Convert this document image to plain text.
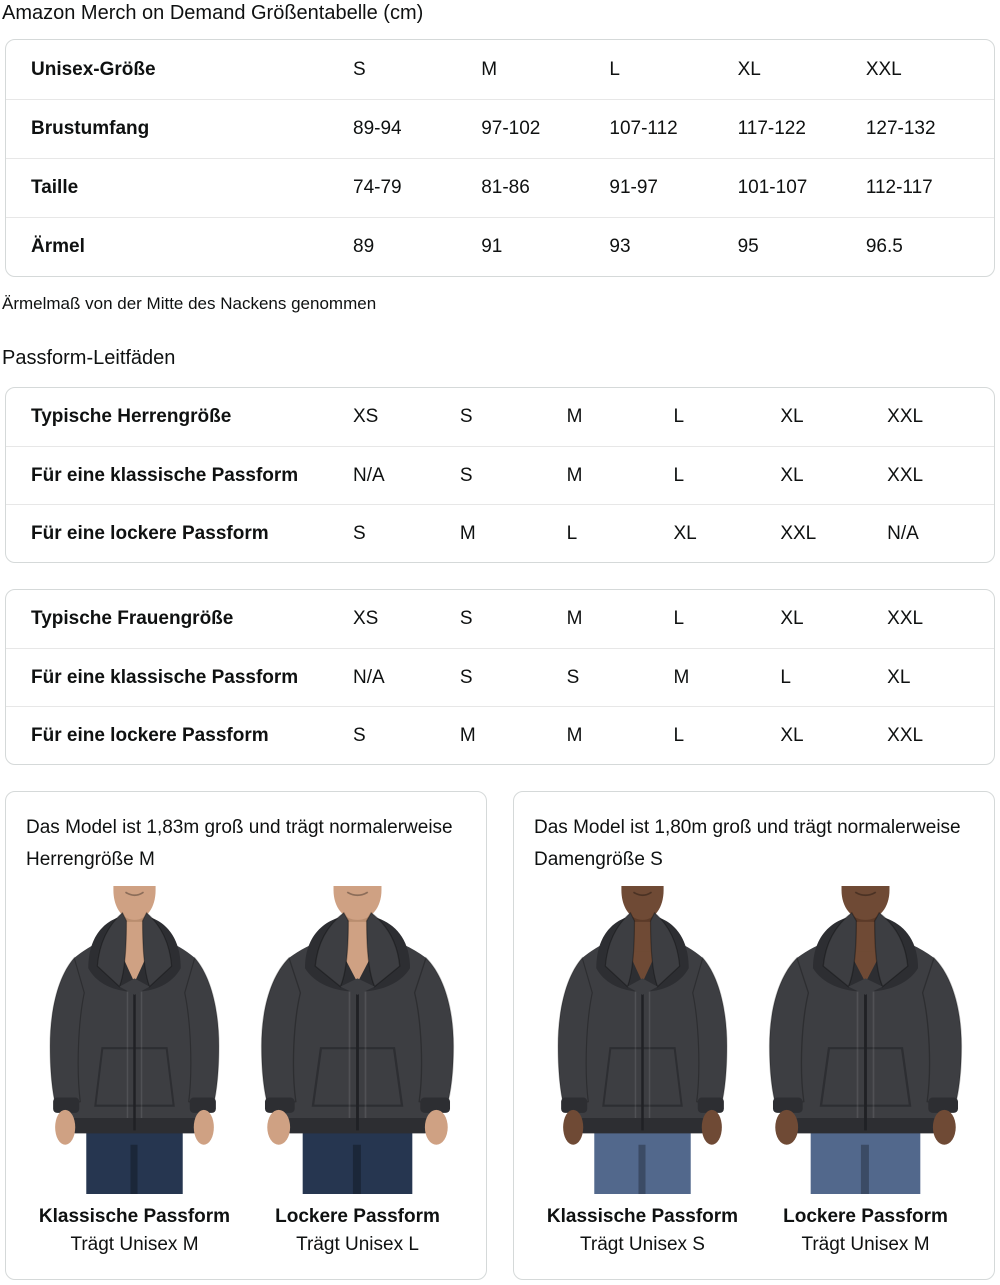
Amazon Merch on Demand Größentabelle (cm)
Unisex-Größe	S	M	L	XL	XXL
Brustumfang	89-94	97-102	107-112	117-122	127-132
Taille	74-79	81-86	91-97	101-107	112-117
Ärmel	89	91	93	95	96.5

Ärmelmaß von der Mitte des Nackens genommen

Passform-Leitfäden
Typische Herrengröße	XS	S	M	L	XL	XXL
Für eine klassische Passform	N/A	S	M	L	XL	XXL
Für eine lockere Passform	S	M	L	XL	XXL	N/A
Typische Frauengröße	XS	S	M	L	XL	XXL
Für eine klassische Passform	N/A	S	S	M	L	XL
Für eine lockere Passform	S	M	M	L	XL	XXL

Das Model ist 1,83m groß und trägt normalerweise Herrengröße M

Klassische Passform
Trägt Unisex M
Lockere Passform
Trägt Unisex L

Das Model ist 1,80m groß und trägt normalerweise Damengröße S

Klassische Passform
Trägt Unisex S
Lockere Passform
Trägt Unisex M
